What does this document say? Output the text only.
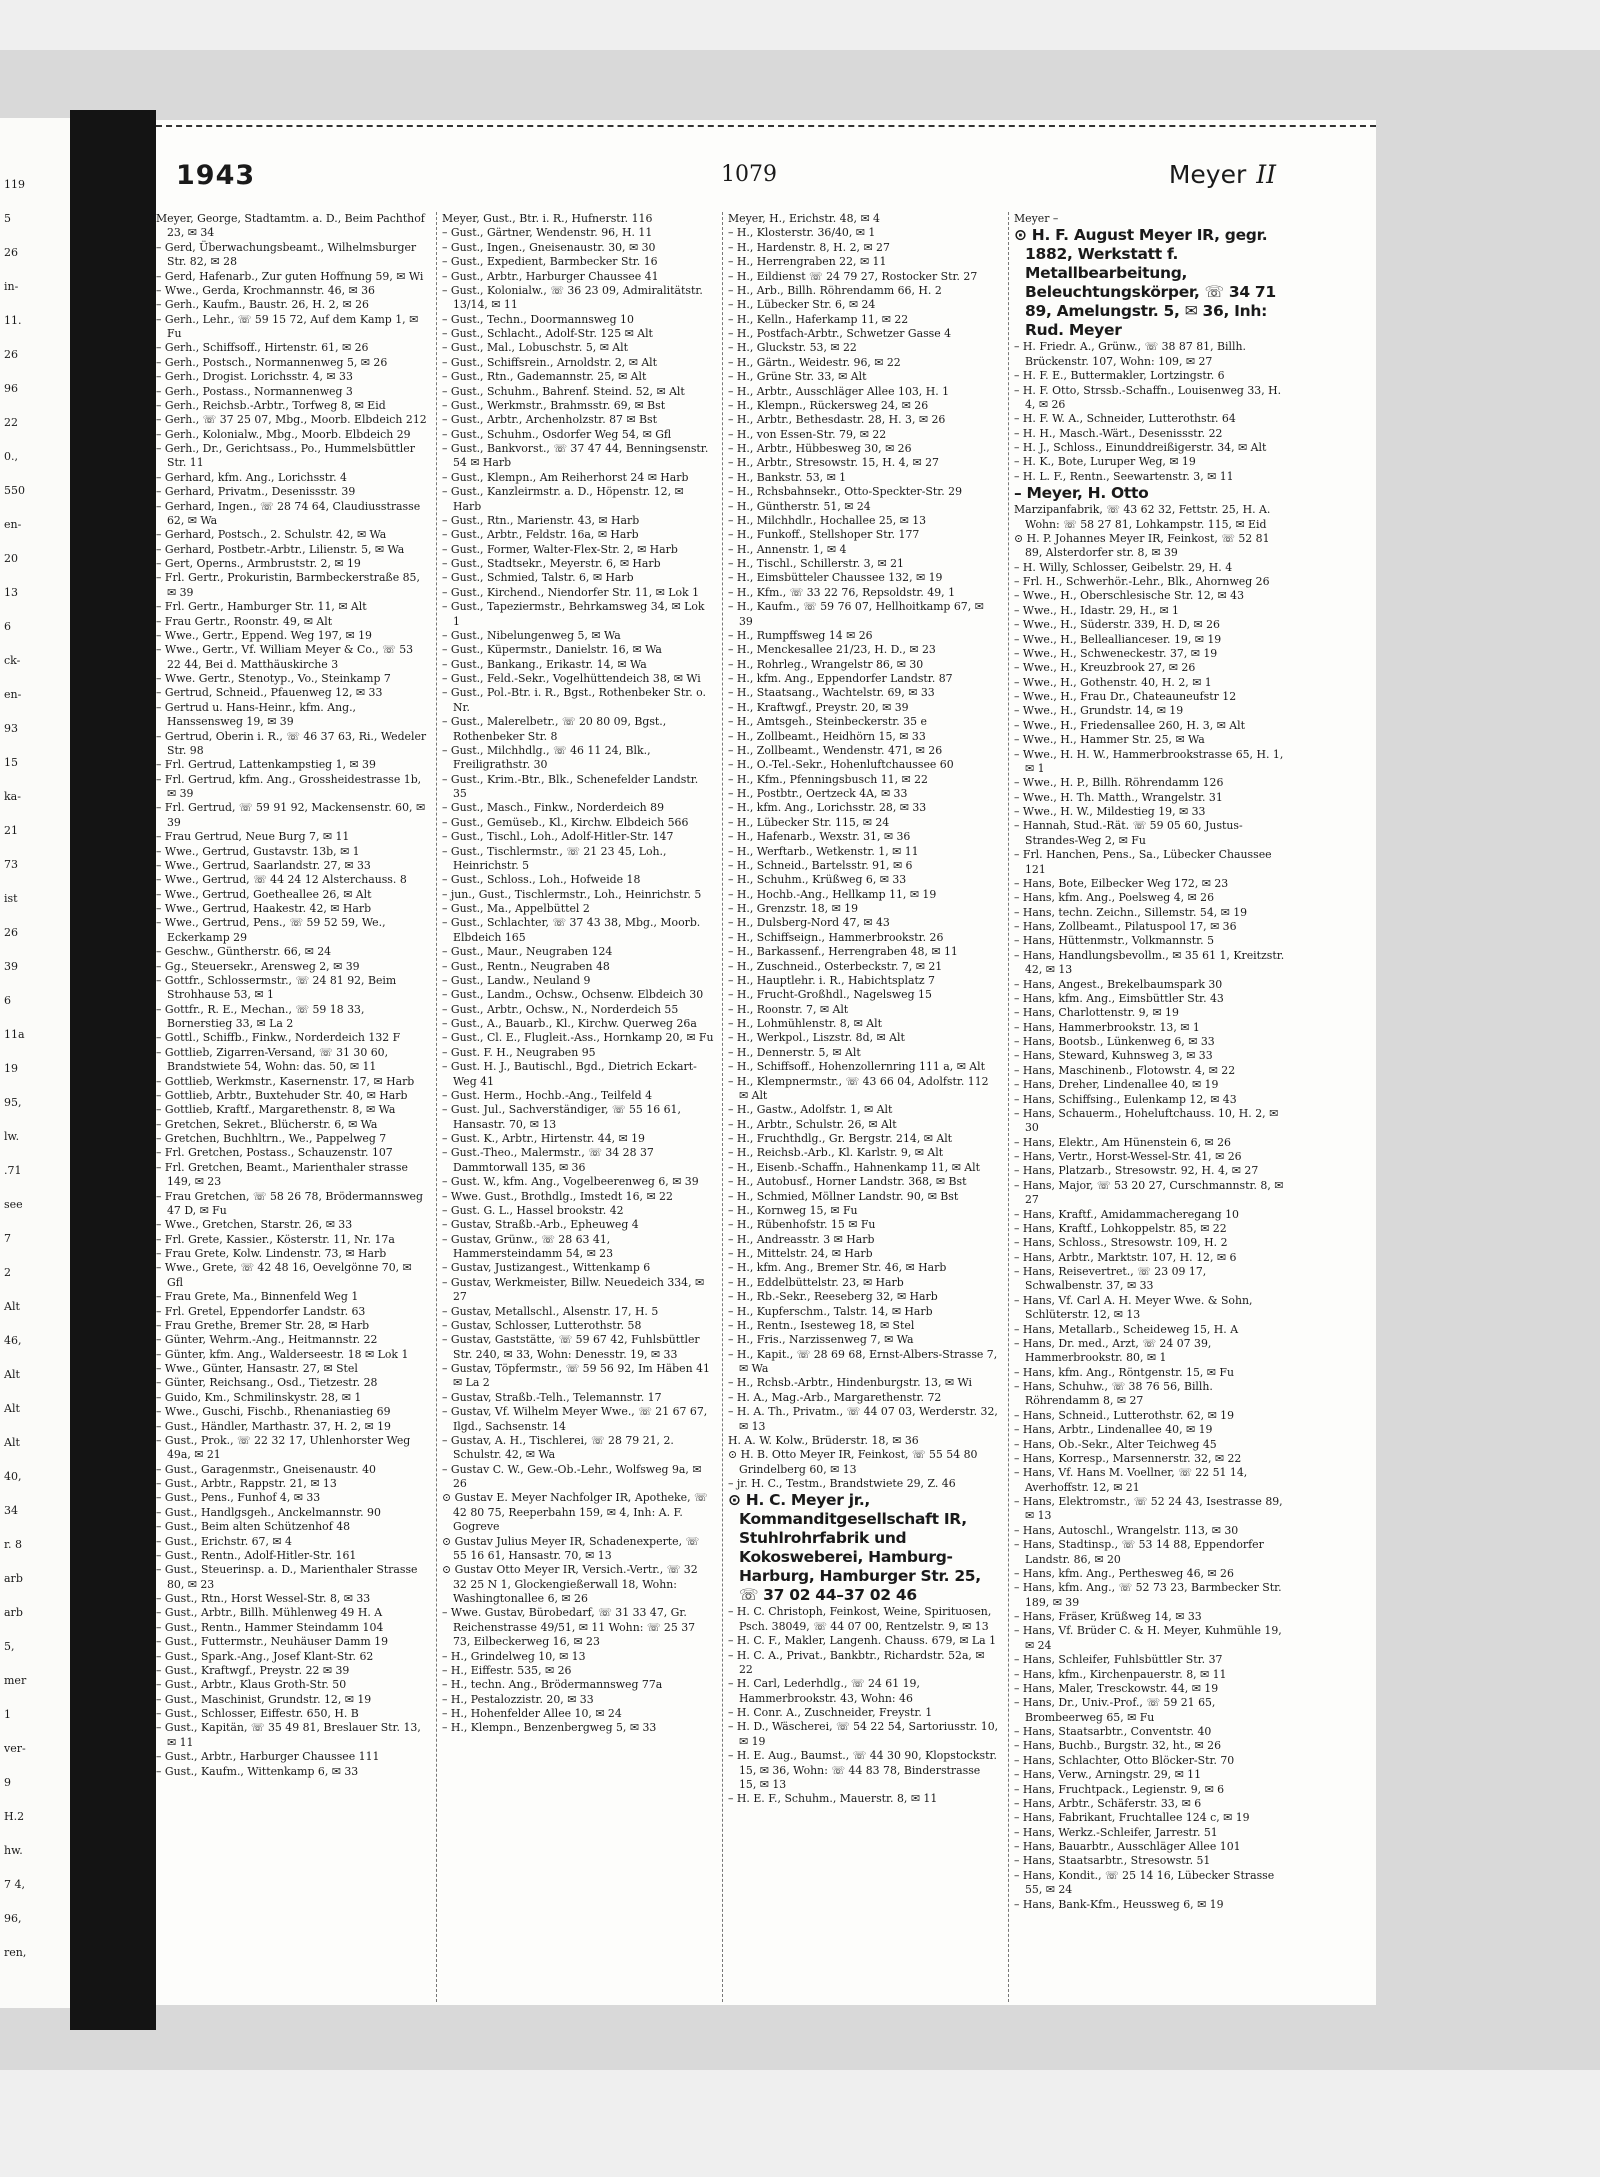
119
5
26
in-
11.
26
96
22
0.,
550
en-
20
13
6
ck-
en-
93
15
ka-
21
73
ist
26
39
6
11a
19
95,
lw.
.71
see
7
2
Alt
46,
Alt
Alt
Alt
40,
34
r. 8
arb
arb
5,
mer
1
ver-
9
H.2
hw.
7 4,
96,
ren,
1943	1079	Meyer II
Meyer, George, Stadtamtm. a. D., Beim Pachthof 23, ✉ 34
– Gerd, Überwachungsbeamt., Wilhelmsburger Str. 82, ✉ 28
– Gerd, Hafenarb., Zur guten Hoffnung 59, ✉ Wi
– Wwe., Gerda, Krochmannstr. 46, ✉ 36
– Gerh., Kaufm., Baustr. 26, H. 2, ✉ 26
– Gerh., Lehr., ☏ 59 15 72, Auf dem Kamp 1, ✉ Fu
– Gerh., Schiffsoff., Hirtenstr. 61, ✉ 26
– Gerh., Postsch., Normannenweg 5, ✉ 26
– Gerh., Drogist. Lorichsstr. 4, ✉ 33
– Gerh., Postass., Normannenweg 3
– Gerh., Reichsb.-Arbtr., Torfweg 8, ✉ Eid
– Gerh., ☏ 37 25 07, Mbg., Moorb. Elbdeich 212
– Gerh., Kolonialw., Mbg., Moorb. Elbdeich 29
– Gerh., Dr., Gerichtsass., Po., Hummelsbüttler Str. 11
– Gerhard, kfm. Ang., Lorichsstr. 4
– Gerhard, Privatm., Desenissstr. 39
– Gerhard, Ingen., ☏ 28 74 64, Claudiusstrasse 62, ✉ Wa
– Gerhard, Postsch., 2. Schulstr. 42, ✉ Wa
– Gerhard, Postbetr.-Arbtr., Lilienstr. 5, ✉ Wa
– Gert, Operns., Armbruststr. 2, ✉ 19
– Frl. Gertr., Prokuristin, Barmbeckerstraße 85, ✉ 39
– Frl. Gertr., Hamburger Str. 11, ✉ Alt
– Frau Gertr., Roonstr. 49, ✉ Alt
– Wwe., Gertr., Eppend. Weg 197, ✉ 19
– Wwe., Gertr., Vf. William Meyer & Co., ☏ 53 22 44, Bei d. Matthäuskirche 3
– Wwe. Gertr., Stenotyp., Vo., Steinkamp 7
– Gertrud, Schneid., Pfauenweg 12, ✉ 33
– Gertrud u. Hans-Heinr., kfm. Ang., Hanssensweg 19, ✉ 39
– Gertrud, Oberin i. R., ☏ 46 37 63, Ri., Wedeler Str. 98
– Frl. Gertrud, Lattenkampstieg 1, ✉ 39
– Frl. Gertrud, kfm. Ang., Grossheidestrasse 1b, ✉ 39
– Frl. Gertrud, ☏ 59 91 92, Mackensenstr. 60, ✉ 39
– Frau Gertrud, Neue Burg 7, ✉ 11
– Wwe., Gertrud, Gustavstr. 13b, ✉ 1
– Wwe., Gertrud, Saarlandstr. 27, ✉ 33
– Wwe., Gertrud, ☏ 44 24 12 Alsterchauss. 8
– Wwe., Gertrud, Goetheallee 26, ✉ Alt
– Wwe., Gertrud, Haakestr. 42, ✉ Harb
– Wwe., Gertrud, Pens., ☏ 59 52 59, We., Eckerkamp 29
– Geschw., Güntherstr. 66, ✉ 24
– Gg., Steuersekr., Arensweg 2, ✉ 39
– Gottfr., Schlossermstr., ☏ 24 81 92, Beim Strohhause 53, ✉ 1
– Gottfr., R. E., Mechan., ☏ 59 18 33, Bornerstieg 33, ✉ La 2
– Gottl., Schiffb., Finkw., Norderdeich 132 F
– Gottlieb, Zigarren-Versand, ☏ 31 30 60, Brandstwiete 54, Wohn: das. 50, ✉ 11
– Gottlieb, Werkmstr., Kasernenstr. 17, ✉ Harb
– Gottlieb, Arbtr., Buxtehuder Str. 40, ✉ Harb
– Gottlieb, Kraftf., Margarethenstr. 8, ✉ Wa
– Gretchen, Sekret., Blücherstr. 6, ✉ Wa
– Gretchen, Buchhltrn., We., Pappelweg 7
– Frl. Gretchen, Postass., Schauzenstr. 107
– Frl. Gretchen, Beamt., Marienthaler strasse 149, ✉ 23
– Frau Gretchen, ☏ 58 26 78, Brödermannsweg 47 D, ✉ Fu
– Wwe., Gretchen, Starstr. 26, ✉ 33
– Frl. Grete, Kassier., Kösterstr. 11, Nr. 17a
– Frau Grete, Kolw. Lindenstr. 73, ✉ Harb
– Wwe., Grete, ☏ 42 48 16, Oevelgönne 70, ✉ Gfl
– Frau Grete, Ma., Binnenfeld Weg 1
– Frl. Gretel, Eppendorfer Landstr. 63
– Frau Grethe, Bremer Str. 28, ✉ Harb
– Günter, Wehrm.-Ang., Heitmannstr. 22
– Günter, kfm. Ang., Walderseestr. 18 ✉ Lok 1
– Wwe., Günter, Hansastr. 27, ✉ Stel
– Günter, Reichsang., Osd., Tietzestr. 28
– Guido, Km., Schmilinskystr. 28, ✉ 1
– Wwe., Guschi, Fischb., Rhenaniastieg 69
– Gust., Händler, Marthastr. 37, H. 2, ✉ 19
– Gust., Prok., ☏ 22 32 17, Uhlenhorster Weg 49a, ✉ 21
– Gust., Garagenmstr., Gneisenaustr. 40
– Gust., Arbtr., Rappstr. 21, ✉ 13
– Gust., Pens., Funhof 4, ✉ 33
– Gust., Handlgsgeh., Anckelmannstr. 90
– Gust., Beim alten Schützenhof 48
– Gust., Erichstr. 67, ✉ 4
– Gust., Rentn., Adolf-Hitler-Str. 161
– Gust., Steuerinsp. a. D., Marienthaler Strasse 80, ✉ 23
– Gust., Rtn., Horst Wessel-Str. 8, ✉ 33
– Gust., Arbtr., Billh. Mühlenweg 49 H. A
– Gust., Rentn., Hammer Steindamm 104
– Gust., Futtermstr., Neuhäuser Damm 19
– Gust., Spark.-Ang., Josef Klant-Str. 62
– Gust., Kraftwgf., Preystr. 22 ✉ 39
– Gust., Arbtr., Klaus Groth-Str. 50
– Gust., Maschinist, Grundstr. 12, ✉ 19
– Gust., Schlosser, Eiffestr. 650, H. B
– Gust., Kapitän, ☏ 35 49 81, Breslauer Str. 13, ✉ 11
– Gust., Arbtr., Harburger Chaussee 111
– Gust., Kaufm., Wittenkamp 6, ✉ 33
Meyer, Gust., Btr. i. R., Hufnerstr. 116
– Gust., Gärtner, Wendenstr. 96, H. 11
– Gust., Ingen., Gneisenaustr. 30, ✉ 30
– Gust., Expedient, Barmbecker Str. 16
– Gust., Arbtr., Harburger Chaussee 41
– Gust., Kolonialw., ☏ 36 23 09, Admiralitätstr. 13/14, ✉ 11
– Gust., Techn., Doormannsweg 10
– Gust., Schlacht., Adolf-Str. 125 ✉ Alt
– Gust., Mal., Lobuschstr. 5, ✉ Alt
– Gust., Schiffsrein., Arnoldstr. 2, ✉ Alt
– Gust., Rtn., Gademannstr. 25, ✉ Alt
– Gust., Schuhm., Bahrenf. Steind. 52, ✉ Alt
– Gust., Werkmstr., Brahmsstr. 69, ✉ Bst
– Gust., Arbtr., Archenholzstr. 87 ✉ Bst
– Gust., Schuhm., Osdorfer Weg 54, ✉ Gfl
– Gust., Bankvorst., ☏ 37 47 44, Benningsenstr. 54 ✉ Harb
– Gust., Klempn., Am Reiherhorst 24 ✉ Harb
– Gust., Kanzleirmstr. a. D., Höpenstr. 12, ✉ Harb
– Gust., Rtn., Marienstr. 43, ✉ Harb
– Gust., Arbtr., Feldstr. 16a, ✉ Harb
– Gust., Former, Walter-Flex-Str. 2, ✉ Harb
– Gust., Stadtsekr., Meyerstr. 6, ✉ Harb
– Gust., Schmied, Talstr. 6, ✉ Harb
– Gust., Kirchend., Niendorfer Str. 11, ✉ Lok 1
– Gust., Tapeziermstr., Behrkamsweg 34, ✉ Lok 1
– Gust., Nibelungenweg 5, ✉ Wa
– Gust., Küpermstr., Danielstr. 16, ✉ Wa
– Gust., Bankang., Erikastr. 14, ✉ Wa
– Gust., Feld.-Sekr., Vogelhüttendeich 38, ✉ Wi
– Gust., Pol.-Btr. i. R., Bgst., Rothenbeker Str. o. Nr.
– Gust., Malerelbetr., ☏ 20 80 09, Bgst., Rothenbeker Str. 8
– Gust., Milchhdlg., ☏ 46 11 24, Blk., Freiligrathstr. 30
– Gust., Krim.-Btr., Blk., Schenefelder Landstr. 35
– Gust., Masch., Finkw., Norderdeich 89
– Gust., Gemüseb., Kl., Kirchw. Elbdeich 566
– Gust., Tischl., Loh., Adolf-Hitler-Str. 147
– Gust., Tischlermstr., ☏ 21 23 45, Loh., Heinrichstr. 5
– Gust., Schloss., Loh., Hofweide 18
– jun., Gust., Tischlermstr., Loh., Heinrichstr. 5
– Gust., Ma., Appelbüttel 2
– Gust., Schlachter, ☏ 37 43 38, Mbg., Moorb. Elbdeich 165
– Gust., Maur., Neugraben 124
– Gust., Rentn., Neugraben 48
– Gust., Landw., Neuland 9
– Gust., Landm., Ochsw., Ochsenw. Elbdeich 30
– Gust., Arbtr., Ochsw., N., Norderdeich 55
– Gust., A., Bauarb., Kl., Kirchw. Querweg 26a
– Gust., Cl. E., Flugleit.-Ass., Hornkamp 20, ✉ Fu
– Gust. F. H., Neugraben 95
– Gust. H. J., Bautischl., Bgd., Dietrich Eckart-Weg 41
– Gust. Herm., Hochb.-Ang., Teilfeld 4
– Gust. Jul., Sachverständiger, ☏ 55 16 61, Hansastr. 70, ✉ 13
– Gust. K., Arbtr., Hirtenstr. 44, ✉ 19
– Gust.-Theo., Malermstr., ☏ 34 28 37 Dammtorwall 135, ✉ 36
– Gust. W., kfm. Ang., Vogelbeerenweg 6, ✉ 39
– Wwe. Gust., Brothdlg., Imstedt 16, ✉ 22
– Gust. G. L., Hassel brookstr. 42
– Gustav, Straßb.-Arb., Epheuweg 4
– Gustav, Grünw., ☏ 28 63 41, Hammersteindamm 54, ✉ 23
– Gustav, Justizangest., Wittenkamp 6
– Gustav, Werkmeister, Billw. Neuedeich 334, ✉ 27
– Gustav, Metallschl., Alsenstr. 17, H. 5
– Gustav, Schlosser, Lutterothstr. 58
– Gustav, Gaststätte, ☏ 59 67 42, Fuhlsbüttler Str. 240, ✉ 33, Wohn: Denesstr. 19, ✉ 33
– Gustav, Töpfermstr., ☏ 59 56 92, Im Häben 41 ✉ La 2
– Gustav, Straßb.-Telh., Telemannstr. 17
– Gustav, Vf. Wilhelm Meyer Wwe., ☏ 21 67 67, Ilgd., Sachsenstr. 14
– Gustav, A. H., Tischlerei, ☏ 28 79 21, 2. Schulstr. 42, ✉ Wa
– Gustav C. W., Gew.-Ob.-Lehr., Wolfsweg 9a, ✉ 26
⊙ Gustav E. Meyer Nachfolger IR, Apotheke, ☏ 42 80 75, Reeperbahn 159, ✉ 4, Inh: A. F. Gogreve
⊙ Gustav Julius Meyer IR, Schadenexperte, ☏ 55 16 61, Hansastr. 70, ✉ 13
⊙ Gustav Otto Meyer IR, Versich.-Vertr., ☏ 32 32 25 N 1, Glockengießerwall 18, Wohn: Washingtonallee 6, ✉ 26
– Wwe. Gustav, Bürobedarf, ☏ 31 33 47, Gr. Reichenstrasse 49/51, ✉ 11 Wohn: ☏ 25 37 73, Eilbeckerweg 16, ✉ 23
– H., Grindelweg 10, ✉ 13
– H., Eiffestr. 535, ✉ 26
– H., techn. Ang., Brödermannsweg 77a
– H., Pestalozzistr. 20, ✉ 33
– H., Hohenfelder Allee 10, ✉ 24
– H., Klempn., Benzenbergweg 5, ✉ 33
Meyer, H., Erichstr. 48, ✉ 4
– H., Klosterstr. 36/40, ✉ 1
– H., Hardenstr. 8, H. 2, ✉ 27
– H., Herrengraben 22, ✉ 11
– H., Eildienst ☏ 24 79 27, Rostocker Str. 27
– H., Arb., Billh. Röhrendamm 66, H. 2
– H., Lübecker Str. 6, ✉ 24
– H., Kelln., Haferkamp 11, ✉ 22
– H., Postfach-Arbtr., Schwetzer Gasse 4
– H., Gluckstr. 53, ✉ 22
– H., Gärtn., Weidestr. 96, ✉ 22
– H., Grüne Str. 33, ✉ Alt
– H., Arbtr., Ausschläger Allee 103, H. 1
– H., Klempn., Rückersweg 24, ✉ 26
– H., Arbtr., Bethesdastr. 28, H. 3, ✉ 26
– H., von Essen-Str. 79, ✉ 22
– H., Arbtr., Hübbesweg 30, ✉ 26
– H., Arbtr., Stresowstr. 15, H. 4, ✉ 27
– H., Bankstr. 53, ✉ 1
– H., Rchsbahnsekr., Otto-Speckter-Str. 29
– H., Güntherstr. 51, ✉ 24
– H., Milchhdlr., Hochallee 25, ✉ 13
– H., Funkoff., Stellshoper Str. 177
– H., Annenstr. 1, ✉ 4
– H., Tischl., Schillerstr. 3, ✉ 21
– H., Eimsbütteler Chaussee 132, ✉ 19
– H., Kfm., ☏ 33 22 76, Repsoldstr. 49, 1
– H., Kaufm., ☏ 59 76 07, Hellhoitkamp 67, ✉ 39
– H., Rumpffsweg 14 ✉ 26
– H., Menckesallee 21/23, H. D., ✉ 23
– H., Rohrleg., Wrangelstr 86, ✉ 30
– H., kfm. Ang., Eppendorfer Landstr. 87
– H., Staatsang., Wachtelstr. 69, ✉ 33
– H., Kraftwgf., Preystr. 20, ✉ 39
– H., Amtsgeh., Steinbeckerstr. 35 e
– H., Zollbeamt., Heidhörn 15, ✉ 33
– H., Zollbeamt., Wendenstr. 471, ✉ 26
– H., O.-Tel.-Sekr., Hohenluftchaussee 60
– H., Kfm., Pfenningsbusch 11, ✉ 22
– H., Postbtr., Oertzeck 4A, ✉ 33
– H., kfm. Ang., Lorichsstr. 28, ✉ 33
– H., Lübecker Str. 115, ✉ 24
– H., Hafenarb., Wexstr. 31, ✉ 36
– H., Werftarb., Wetkenstr. 1, ✉ 11
– H., Schneid., Bartelsstr. 91, ✉ 6
– H., Schuhm., Krüßweg 6, ✉ 33
– H., Hochb.-Ang., Hellkamp 11, ✉ 19
– H., Grenzstr. 18, ✉ 19
– H., Dulsberg-Nord 47, ✉ 43
– H., Schiffseign., Hammerbrookstr. 26
– H., Barkassenf., Herrengraben 48, ✉ 11
– H., Zuschneid., Osterbeckstr. 7, ✉ 21
– H., Hauptlehr. i. R., Habichtsplatz 7
– H., Frucht-Großhdl., Nagelsweg 15
– H., Roonstr. 7, ✉ Alt
– H., Lohmühlenstr. 8, ✉ Alt
– H., Werkpol., Liszstr. 8d, ✉ Alt
– H., Dennerstr. 5, ✉ Alt
– H., Schiffsoff., Hohenzollernring 111 a, ✉ Alt
– H., Klempnermstr., ☏ 43 66 04, Adolfstr. 112 ✉ Alt
– H., Gastw., Adolfstr. 1, ✉ Alt
– H., Arbtr., Schulstr. 26, ✉ Alt
– H., Fruchthdlg., Gr. Bergstr. 214, ✉ Alt
– H., Reichsb.-Arb., Kl. Karlstr. 9, ✉ Alt
– H., Eisenb.-Schaffn., Hahnenkamp 11, ✉ Alt
– H., Autobusf., Horner Landstr. 368, ✉ Bst
– H., Schmied, Möllner Landstr. 90, ✉ Bst
– H., Kornweg 15, ✉ Fu
– H., Rübenhofstr. 15 ✉ Fu
– H., Andreasstr. 3 ✉ Harb
– H., Mittelstr. 24, ✉ Harb
– H., kfm. Ang., Bremer Str. 46, ✉ Harb
– H., Eddelbüttelstr. 23, ✉ Harb
– H., Rb.-Sekr., Reeseberg 32, ✉ Harb
– H., Kupferschm., Talstr. 14, ✉ Harb
– H., Rentn., Isesteweg 18, ✉ Stel
– H., Fris., Narzissenweg 7, ✉ Wa
– H., Kapit., ☏ 28 69 68, Ernst-Albers-Strasse 7, ✉ Wa
– H., Rchsb.-Arbtr., Hindenburgstr. 13, ✉ Wi
– H. A., Mag.-Arb., Margarethenstr. 72
– H. A. Th., Privatm., ☏ 44 07 03, Werderstr. 32, ✉ 13
H. A. W. Kolw., Brüderstr. 18, ✉ 36
⊙ H. B. Otto Meyer IR, Feinkost, ☏ 55 54 80 Grindelberg 60, ✉ 13
– jr. H. C., Testm., Brandstwiete 29, Z. 46
⊙ H. C. Meyer jr., Kommanditgesellschaft IR, Stuhlrohrfabrik und Kokosweberei, Hamburg-Harburg, Hamburger Str. 25, ☏ 37 02 44–37 02 46
– H. C. Christoph, Feinkost, Weine, Spirituosen, Psch. 38049, ☏ 44 07 00, Rentzelstr. 9, ✉ 13
– H. C. F., Makler, Langenh. Chauss. 679, ✉ La 1
– H. C. A., Privat., Bankbtr., Richardstr. 52a, ✉ 22
– H. Carl, Lederhdlg., ☏ 24 61 19, Hammerbrookstr. 43, Wohn: 46
– H. Conr. A., Zuschneider, Freystr. 1
– H. D., Wäscherei, ☏ 54 22 54, Sartoriusstr. 10, ✉ 19
– H. E. Aug., Baumst., ☏ 44 30 90, Klopstockstr. 15, ✉ 36, Wohn: ☏ 44 83 78, Binderstrasse 15, ✉ 13
– H. E. F., Schuhm., Mauerstr. 8, ✉ 11
Meyer –
⊙ H. F. August Meyer IR, gegr. 1882, Werkstatt f. Metallbearbeitung, Beleuchtungskörper, ☏ 34 71 89, Amelungstr. 5, ✉ 36, Inh: Rud. Meyer
– H. Friedr. A., Grünw., ☏ 38 87 81, Billh. Brückenstr. 107, Wohn: 109, ✉ 27
– H. F. E., Buttermakler, Lortzingstr. 6
– H. F. Otto, Strssb.-Schaffn., Louisenweg 33, H. 4, ✉ 26
– H. F. W. A., Schneider, Lutterothstr. 64
– H. H., Masch.-Wärt., Desenissstr. 22
– H. J., Schloss., Einunddreißigerstr. 34, ✉ Alt
– H. K., Bote, Luruper Weg, ✉ 19
– H. L. F., Rentn., Seewartenstr. 3, ✉ 11
– Meyer, H. Otto
Marzipanfabrik, ☏ 43 62 32, Fettstr. 25, H. A. Wohn: ☏ 58 27 81, Lohkampstr. 115, ✉ Eid
⊙ H. P. Johannes Meyer IR, Feinkost, ☏ 52 81 89, Alsterdorfer str. 8, ✉ 39
– H. Willy, Schlosser, Geibelstr. 29, H. 4
– Frl. H., Schwerhör.-Lehr., Blk., Ahornweg 26
– Wwe., H., Oberschlesische Str. 12, ✉ 43
– Wwe., H., Idastr. 29, H., ✉ 1
– Wwe., H., Süderstr. 339, H. D, ✉ 26
– Wwe., H., Belleallianceser. 19, ✉ 19
– Wwe., H., Schweneckestr. 37, ✉ 19
– Wwe., H., Kreuzbrook 27, ✉ 26
– Wwe., H., Gothenstr. 40, H. 2, ✉ 1
– Wwe., H., Frau Dr., Chateauneufstr 12
– Wwe., H., Grundstr. 14, ✉ 19
– Wwe., H., Friedensallee 260, H. 3, ✉ Alt
– Wwe., H., Hammer Str. 25, ✉ Wa
– Wwe., H. H. W., Hammerbrookstrasse 65, H. 1, ✉ 1
– Wwe., H. P., Billh. Röhrendamm 126
– Wwe., H. Th. Matth., Wrangelstr. 31
– Wwe., H. W., Mildestieg 19, ✉ 33
– Hannah, Stud.-Rät. ☏ 59 05 60, Justus-Strandes-Weg 2, ✉ Fu
– Frl. Hanchen, Pens., Sa., Lübecker Chaussee 121
– Hans, Bote, Eilbecker Weg 172, ✉ 23
– Hans, kfm. Ang., Poelsweg 4, ✉ 26
– Hans, techn. Zeichn., Sillemstr. 54, ✉ 19
– Hans, Zollbeamt., Pilatuspool 17, ✉ 36
– Hans, Hüttenmstr., Volkmannstr. 5
– Hans, Handlungsbevollm., ✉ 35 61 1, Kreitzstr. 42, ✉ 13
– Hans, Angest., Brekelbaumspark 30
– Hans, kfm. Ang., Eimsbüttler Str. 43
– Hans, Charlottenstr. 9, ✉ 19
– Hans, Hammerbrookstr. 13, ✉ 1
– Hans, Bootsb., Lünkenweg 6, ✉ 33
– Hans, Steward, Kuhnsweg 3, ✉ 33
– Hans, Maschinenb., Flotowstr. 4, ✉ 22
– Hans, Dreher, Lindenallee 40, ✉ 19
– Hans, Schiffsing., Eulenkamp 12, ✉ 43
– Hans, Schauerm., Hoheluftchauss. 10, H. 2, ✉ 30
– Hans, Elektr., Am Hünenstein 6, ✉ 26
– Hans, Vertr., Horst-Wessel-Str. 41, ✉ 26
– Hans, Platzarb., Stresowstr. 92, H. 4, ✉ 27
– Hans, Major, ☏ 53 20 27, Curschmannstr. 8, ✉ 27
– Hans, Kraftf., Amidammacheregang 10
– Hans, Kraftf., Lohkoppelstr. 85, ✉ 22
– Hans, Schloss., Stresowstr. 109, H. 2
– Hans, Arbtr., Marktstr. 107, H. 12, ✉ 6
– Hans, Reisevertret., ☏ 23 09 17, Schwalbenstr. 37, ✉ 33
– Hans, Vf. Carl A. H. Meyer Wwe. & Sohn, Schlüterstr. 12, ✉ 13
– Hans, Metallarb., Scheideweg 15, H. A
– Hans, Dr. med., Arzt, ☏ 24 07 39, Hammerbrookstr. 80, ✉ 1
– Hans, kfm. Ang., Röntgenstr. 15, ✉ Fu
– Hans, Schuhw., ☏ 38 76 56, Billh. Röhrendamm 8, ✉ 27
– Hans, Schneid., Lutterothstr. 62, ✉ 19
– Hans, Arbtr., Lindenallee 40, ✉ 19
– Hans, Ob.-Sekr., Alter Teichweg 45
– Hans, Korresp., Marsennerstr. 32, ✉ 22
– Hans, Vf. Hans M. Voellner, ☏ 22 51 14, Averhoffstr. 12, ✉ 21
– Hans, Elektromstr., ☏ 52 24 43, Isestrasse 89, ✉ 13
– Hans, Autoschl., Wrangelstr. 113, ✉ 30
– Hans, Stadtinsp., ☏ 53 14 88, Eppendorfer Landstr. 86, ✉ 20
– Hans, kfm. Ang., Perthesweg 46, ✉ 26
– Hans, kfm. Ang., ☏ 52 73 23, Barmbecker Str. 189, ✉ 39
– Hans, Fräser, Krüßweg 14, ✉ 33
– Hans, Vf. Brüder C. & H. Meyer, Kuhmühle 19, ✉ 24
– Hans, Schleifer, Fuhlsbüttler Str. 37
– Hans, kfm., Kirchenpauerstr. 8, ✉ 11
– Hans, Maler, Tresckowstr. 44, ✉ 19
– Hans, Dr., Univ.-Prof., ☏ 59 21 65, Brombeerweg 65, ✉ Fu
– Hans, Staatsarbtr., Conventstr. 40
– Hans, Buchb., Burgstr. 32, ht., ✉ 26
– Hans, Schlachter, Otto Blöcker-Str. 70
– Hans, Verw., Arningstr. 29, ✉ 11
– Hans, Fruchtpack., Legienstr. 9, ✉ 6
– Hans, Arbtr., Schäferstr. 33, ✉ 6
– Hans, Fabrikant, Fruchtallee 124 c, ✉ 19
– Hans, Werkz.-Schleifer, Jarrestr. 51
– Hans, Bauarbtr., Ausschläger Allee 101
– Hans, Staatsarbtr., Stresowstr. 51
– Hans, Kondit., ☏ 25 14 16, Lübecker Strasse 55, ✉ 24
– Hans, Bank-Kfm., Heussweg 6, ✉ 19
